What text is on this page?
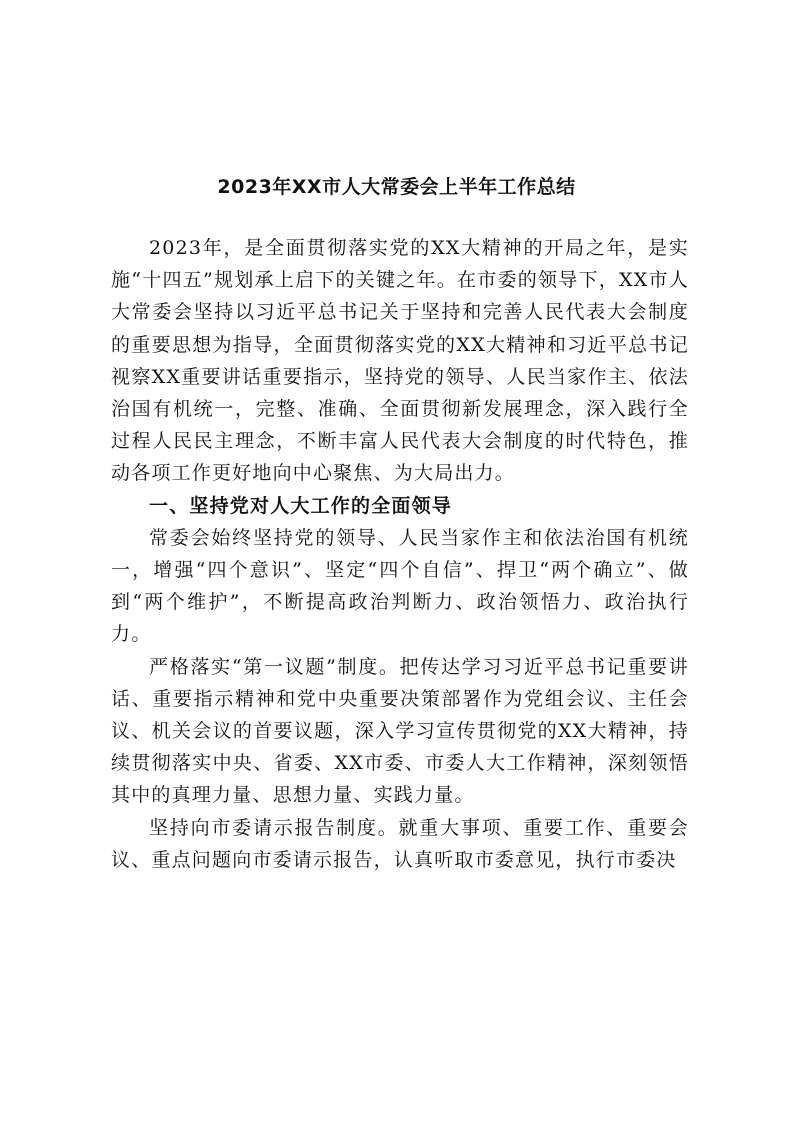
2023年XX市人大常委会上半年工作总结

2023年，是全面贯彻落实党的XX大精神的开局之年，是实施“十四五”规划承上启下的关键之年。在市委的领导下，XX市人大常委会坚持以习近平总书记关于坚持和完善人民代表大会制度的重要思想为指导，全面贯彻落实党的XX大精神和习近平总书记视察XX重要讲话重要指示，坚持党的领导、人民当家作主、依法治国有机统一，完整、准确、全面贯彻新发展理念，深入践行全过程人民民主理念，不断丰富人民代表大会制度的时代特色，推动各项工作更好地向中心聚焦、为大局出力。

一、坚持党对人大工作的全面领导

常委会始终坚持党的领导、人民当家作主和依法治国有机统一，增强“四个意识”、坚定“四个自信”、捍卫“两个确立”、做到“两个维护”，不断提高政治判断力、政治领悟力、政治执行力。

严格落实“第一议题”制度。把传达学习习近平总书记重要讲话、重要指示精神和党中央重要决策部署作为党组会议、主任会议、机关会议的首要议题，深入学习宣传贯彻党的XX大精神，持续贯彻落实中央、省委、XX市委、市委人大工作精神，深刻领悟其中的真理力量、思想力量、实践力量。

坚持向市委请示报告制度。就重大事项、重要工作、重要会议、重点问题向市委请示报告，认真听取市委意见，执行市委决
